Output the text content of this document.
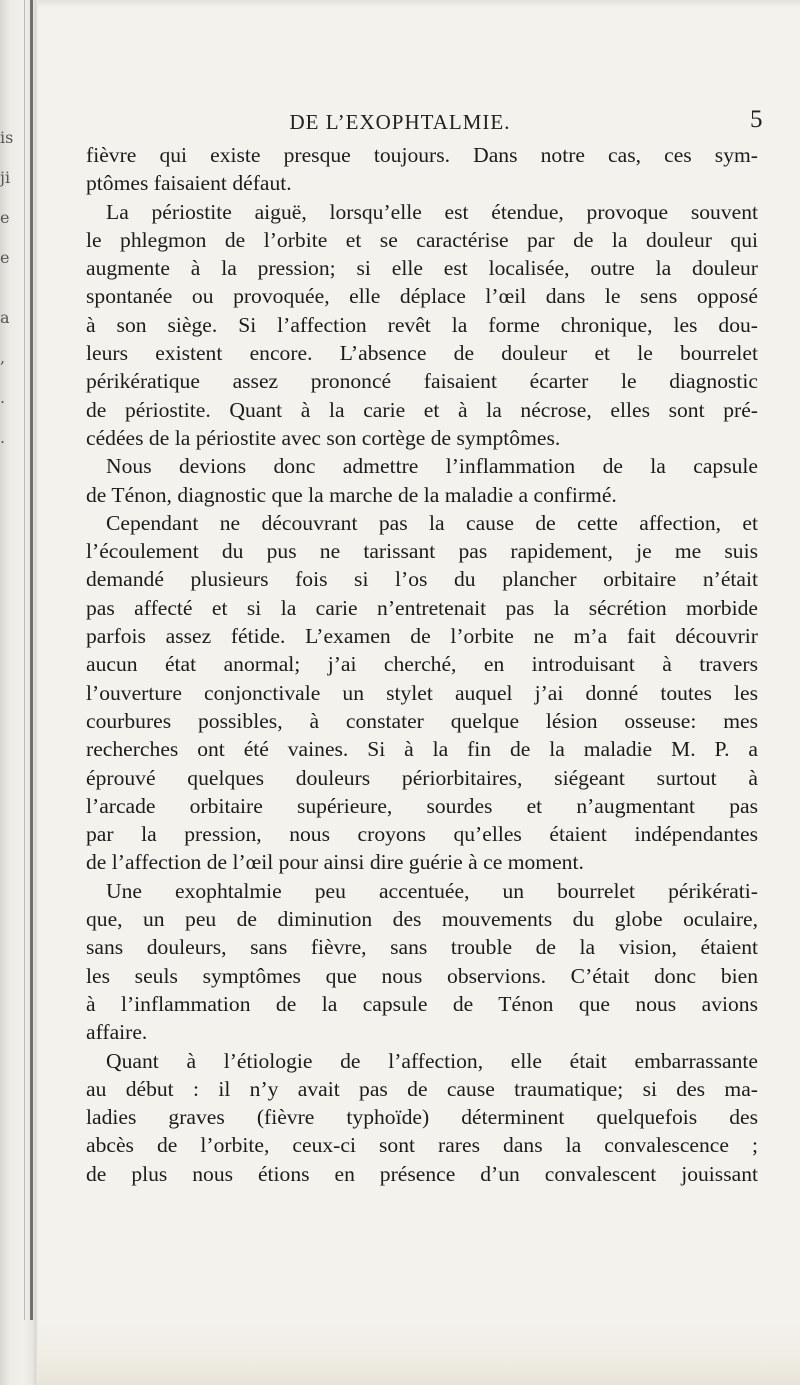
is
ji
e
e
a
,
.
.
DE L’EXOPHTALMIE.	5
fièvre qui existe presque toujours. Dans notre cas, ces sym-
ptômes faisaient défaut.
La périostite aiguë, lorsqu’elle est étendue, provoque souvent
le phlegmon de l’orbite et se caractérise par de la douleur qui
augmente à la pression; si elle est localisée, outre la douleur
spontanée ou provoquée, elle déplace l’œil dans le sens opposé
à son siège. Si l’affection revêt la forme chronique, les dou-
leurs existent encore. L’absence de douleur et le bourrelet
périkératique assez prononcé faisaient écarter le diagnostic
de périostite. Quant à la carie et à la nécrose, elles sont pré-
cédées de la périostite avec son cortège de symptômes.
Nous devions donc admettre l’inflammation de la capsule
de Ténon, diagnostic que la marche de la maladie a confirmé.
Cependant ne découvrant pas la cause de cette affection, et
l’écoulement du pus ne tarissant pas rapidement, je me suis
demandé plusieurs fois si l’os du plancher orbitaire n’était
pas affecté et si la carie n’entretenait pas la sécrétion morbide
parfois assez fétide. L’examen de l’orbite ne m’a fait découvrir
aucun état anormal; j’ai cherché, en introduisant à travers
l’ouverture conjonctivale un stylet auquel j’ai donné toutes les
courbures possibles, à constater quelque lésion osseuse: mes
recherches ont été vaines. Si à la fin de la maladie M. P. a
éprouvé quelques douleurs périorbitaires, siégeant surtout à
l’arcade orbitaire supérieure, sourdes et n’augmentant pas
par la pression, nous croyons qu’elles étaient indépendantes
de l’affection de l’œil pour ainsi dire guérie à ce moment.
Une exophtalmie peu accentuée, un bourrelet périkérati-
que, un peu de diminution des mouvements du globe oculaire,
sans douleurs, sans fièvre, sans trouble de la vision, étaient
les seuls symptômes que nous observions. C’était donc bien
à l’inflammation de la capsule de Ténon que nous avions
affaire.
Quant à l’étiologie de l’affection, elle était embarrassante
au début : il n’y avait pas de cause traumatique; si des ma-
ladies graves (fièvre typhoïde) déterminent quelquefois des
abcès de l’orbite, ceux-ci sont rares dans la convalescence ;
de plus nous étions en présence d’un convalescent jouissant
